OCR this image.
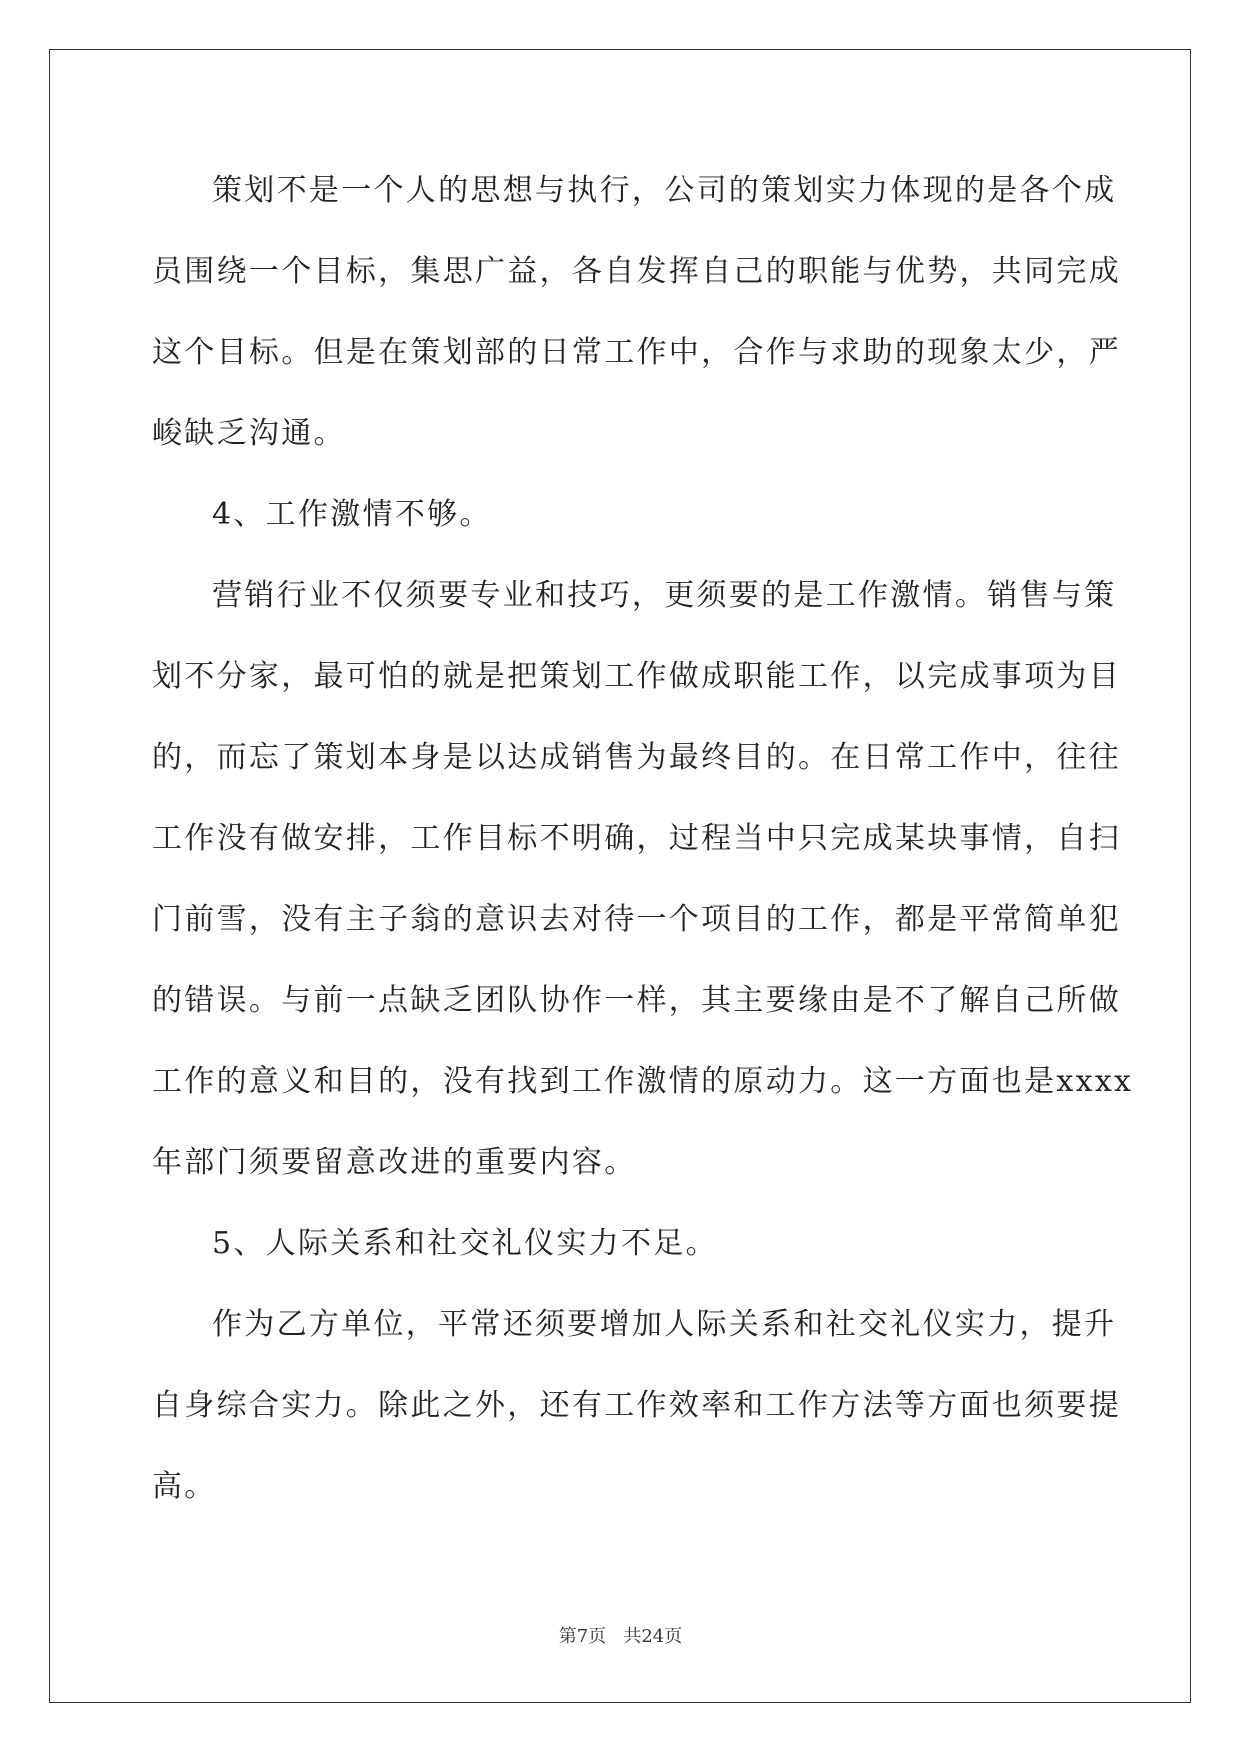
策划不是一个人的思想与执行，公司的策划实力体现的是各个成
员围绕一个目标，集思广益，各自发挥自己的职能与优势，共同完成
这个目标。但是在策划部的日常工作中，合作与求助的现象太少，严
峻缺乏沟通。
4、工作激情不够。
营销行业不仅须要专业和技巧，更须要的是工作激情。销售与策
划不分家，最可怕的就是把策划工作做成职能工作，以完成事项为目
的，而忘了策划本身是以达成销售为最终目的。在日常工作中，往往
工作没有做安排，工作目标不明确，过程当中只完成某块事情，自扫
门前雪，没有主子翁的意识去对待一个项目的工作，都是平常简单犯
的错误。与前一点缺乏团队协作一样，其主要缘由是不了解自己所做
工作的意义和目的，没有找到工作激情的原动力。这一方面也是xxxx
年部门须要留意改进的重要内容。
5、人际关系和社交礼仪实力不足。
作为乙方单位，平常还须要增加人际关系和社交礼仪实力，提升
自身综合实力。除此之外，还有工作效率和工作方法等方面也须要提
高。
第7页 共24页
